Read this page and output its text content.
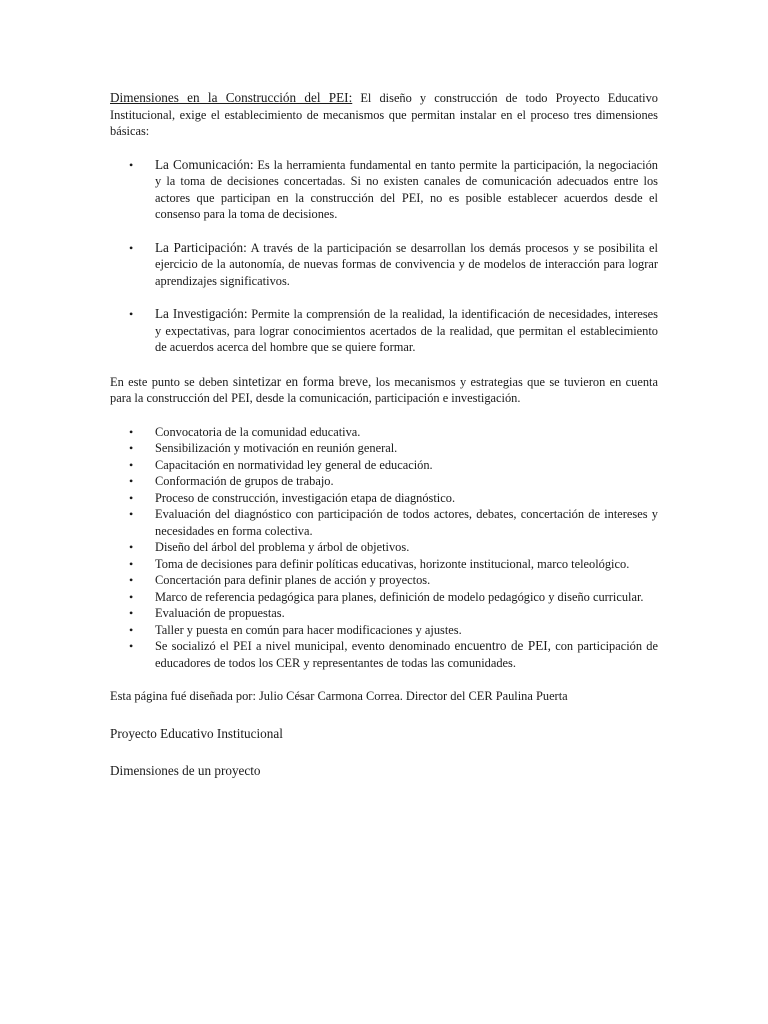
Dimensiones en la Construcción del PEI: El diseño y construcción de todo Proyecto Educativo Institucional, exige el establecimiento de mecanismos que permitan instalar en el proceso tres dimensiones básicas:

• La Comunicación: Es la herramienta fundamental en tanto permite la participación, la negociación y la toma de decisiones concertadas. Si no existen canales de comunicación adecuados entre los actores que participan en la construcción del PEI, no es posible establecer acuerdos desde el consenso para la toma de decisiones.
• La Participación: A través de la participación se desarrollan los demás procesos y se posibilita el ejercicio de la autonomía, de nuevas formas de convivencia y de modelos de interacción para lograr aprendizajes significativos.
• La Investigación: Permite la comprensión de la realidad, la identificación de necesidades, intereses y expectativas, para lograr conocimientos acertados de la realidad, que permitan el establecimiento de acuerdos acerca del hombre que se quiere formar.

En este punto se deben sintetizar en forma breve, los mecanismos y estrategias que se tuvieron en cuenta para la construcción del PEI, desde la comunicación, participación e investigación.

• Convocatoria de la comunidad educativa.
• Sensibilización y motivación en reunión general.
• Capacitación en normatividad ley general de educación.
• Conformación de grupos de trabajo.
• Proceso de construcción, investigación etapa de diagnóstico.
• Evaluación del diagnóstico con participación de todos actores, debates, concertación de intereses y necesidades en forma colectiva.
• Diseño del árbol del problema y árbol de objetivos.
• Toma de decisiones para definir políticas educativas, horizonte institucional, marco teleológico.
• Concertación para definir planes de acción y proyectos.
• Marco de referencia pedagógica para planes, definición de modelo pedagógico y diseño curricular.
• Evaluación de propuestas.
• Taller y puesta en común para hacer modificaciones y ajustes.
• Se socializó el PEI a nivel municipal, evento denominado encuentro de PEI, con participación de educadores de todos los CER y representantes de todas las comunidades.

Esta página fué diseñada por: Julio César Carmona Correa. Director del CER Paulina Puerta

Proyecto Educativo Institucional

Dimensiones de un proyecto
